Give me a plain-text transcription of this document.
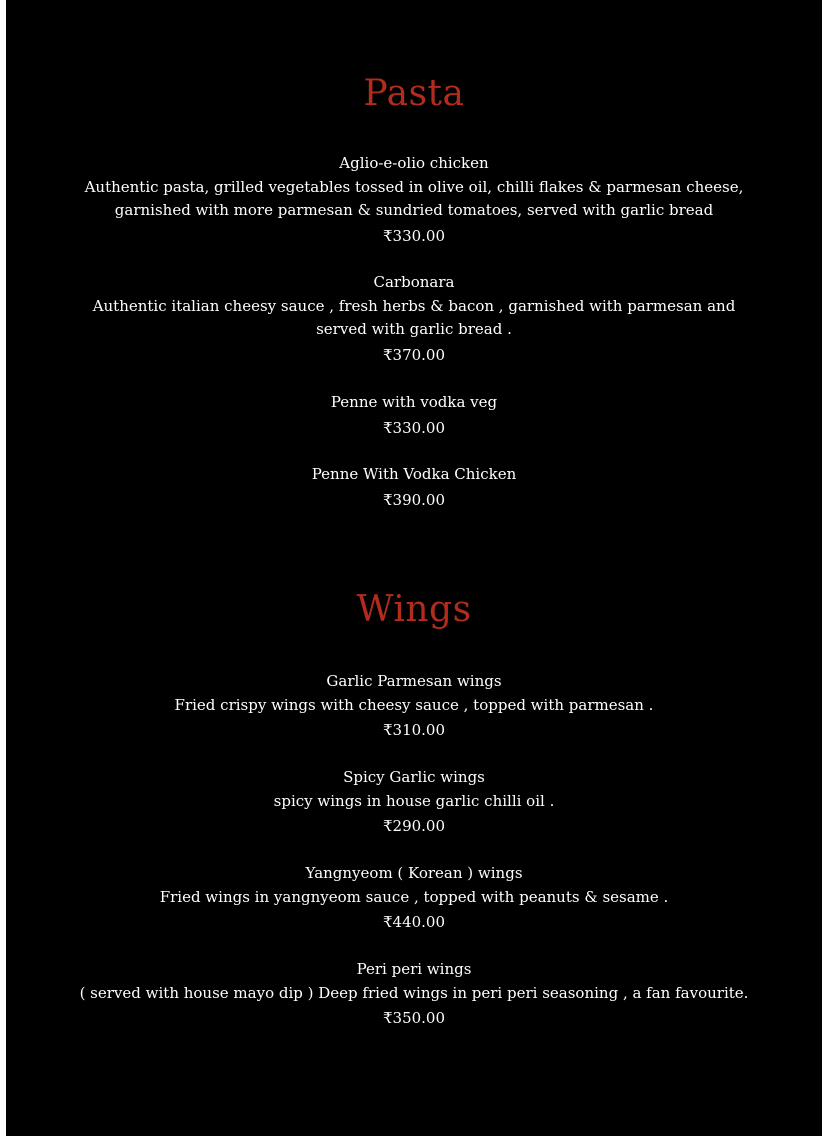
Pasta
Aglio-e-olio chicken
Authentic pasta, grilled vegetables tossed in olive oil, chilli flakes & parmesan cheese, garnished with more parmesan & sundried tomatoes, served with garlic bread
₹330.00
Carbonara
Authentic italian cheesy sauce , fresh herbs & bacon , garnished with parmesan and served with garlic bread .
₹370.00
Penne with vodka veg
₹330.00
Penne With Vodka Chicken
₹390.00
Wings
Garlic Parmesan wings
Fried crispy wings with cheesy sauce , topped with parmesan .
₹310.00
Spicy Garlic wings
spicy wings in house garlic chilli oil .
₹290.00
Yangnyeom ( Korean ) wings
Fried wings in yangnyeom sauce , topped with peanuts & sesame .
₹440.00
Peri peri wings
( served with house mayo dip ) Deep fried wings in peri peri seasoning , a fan favourite.
₹350.00
